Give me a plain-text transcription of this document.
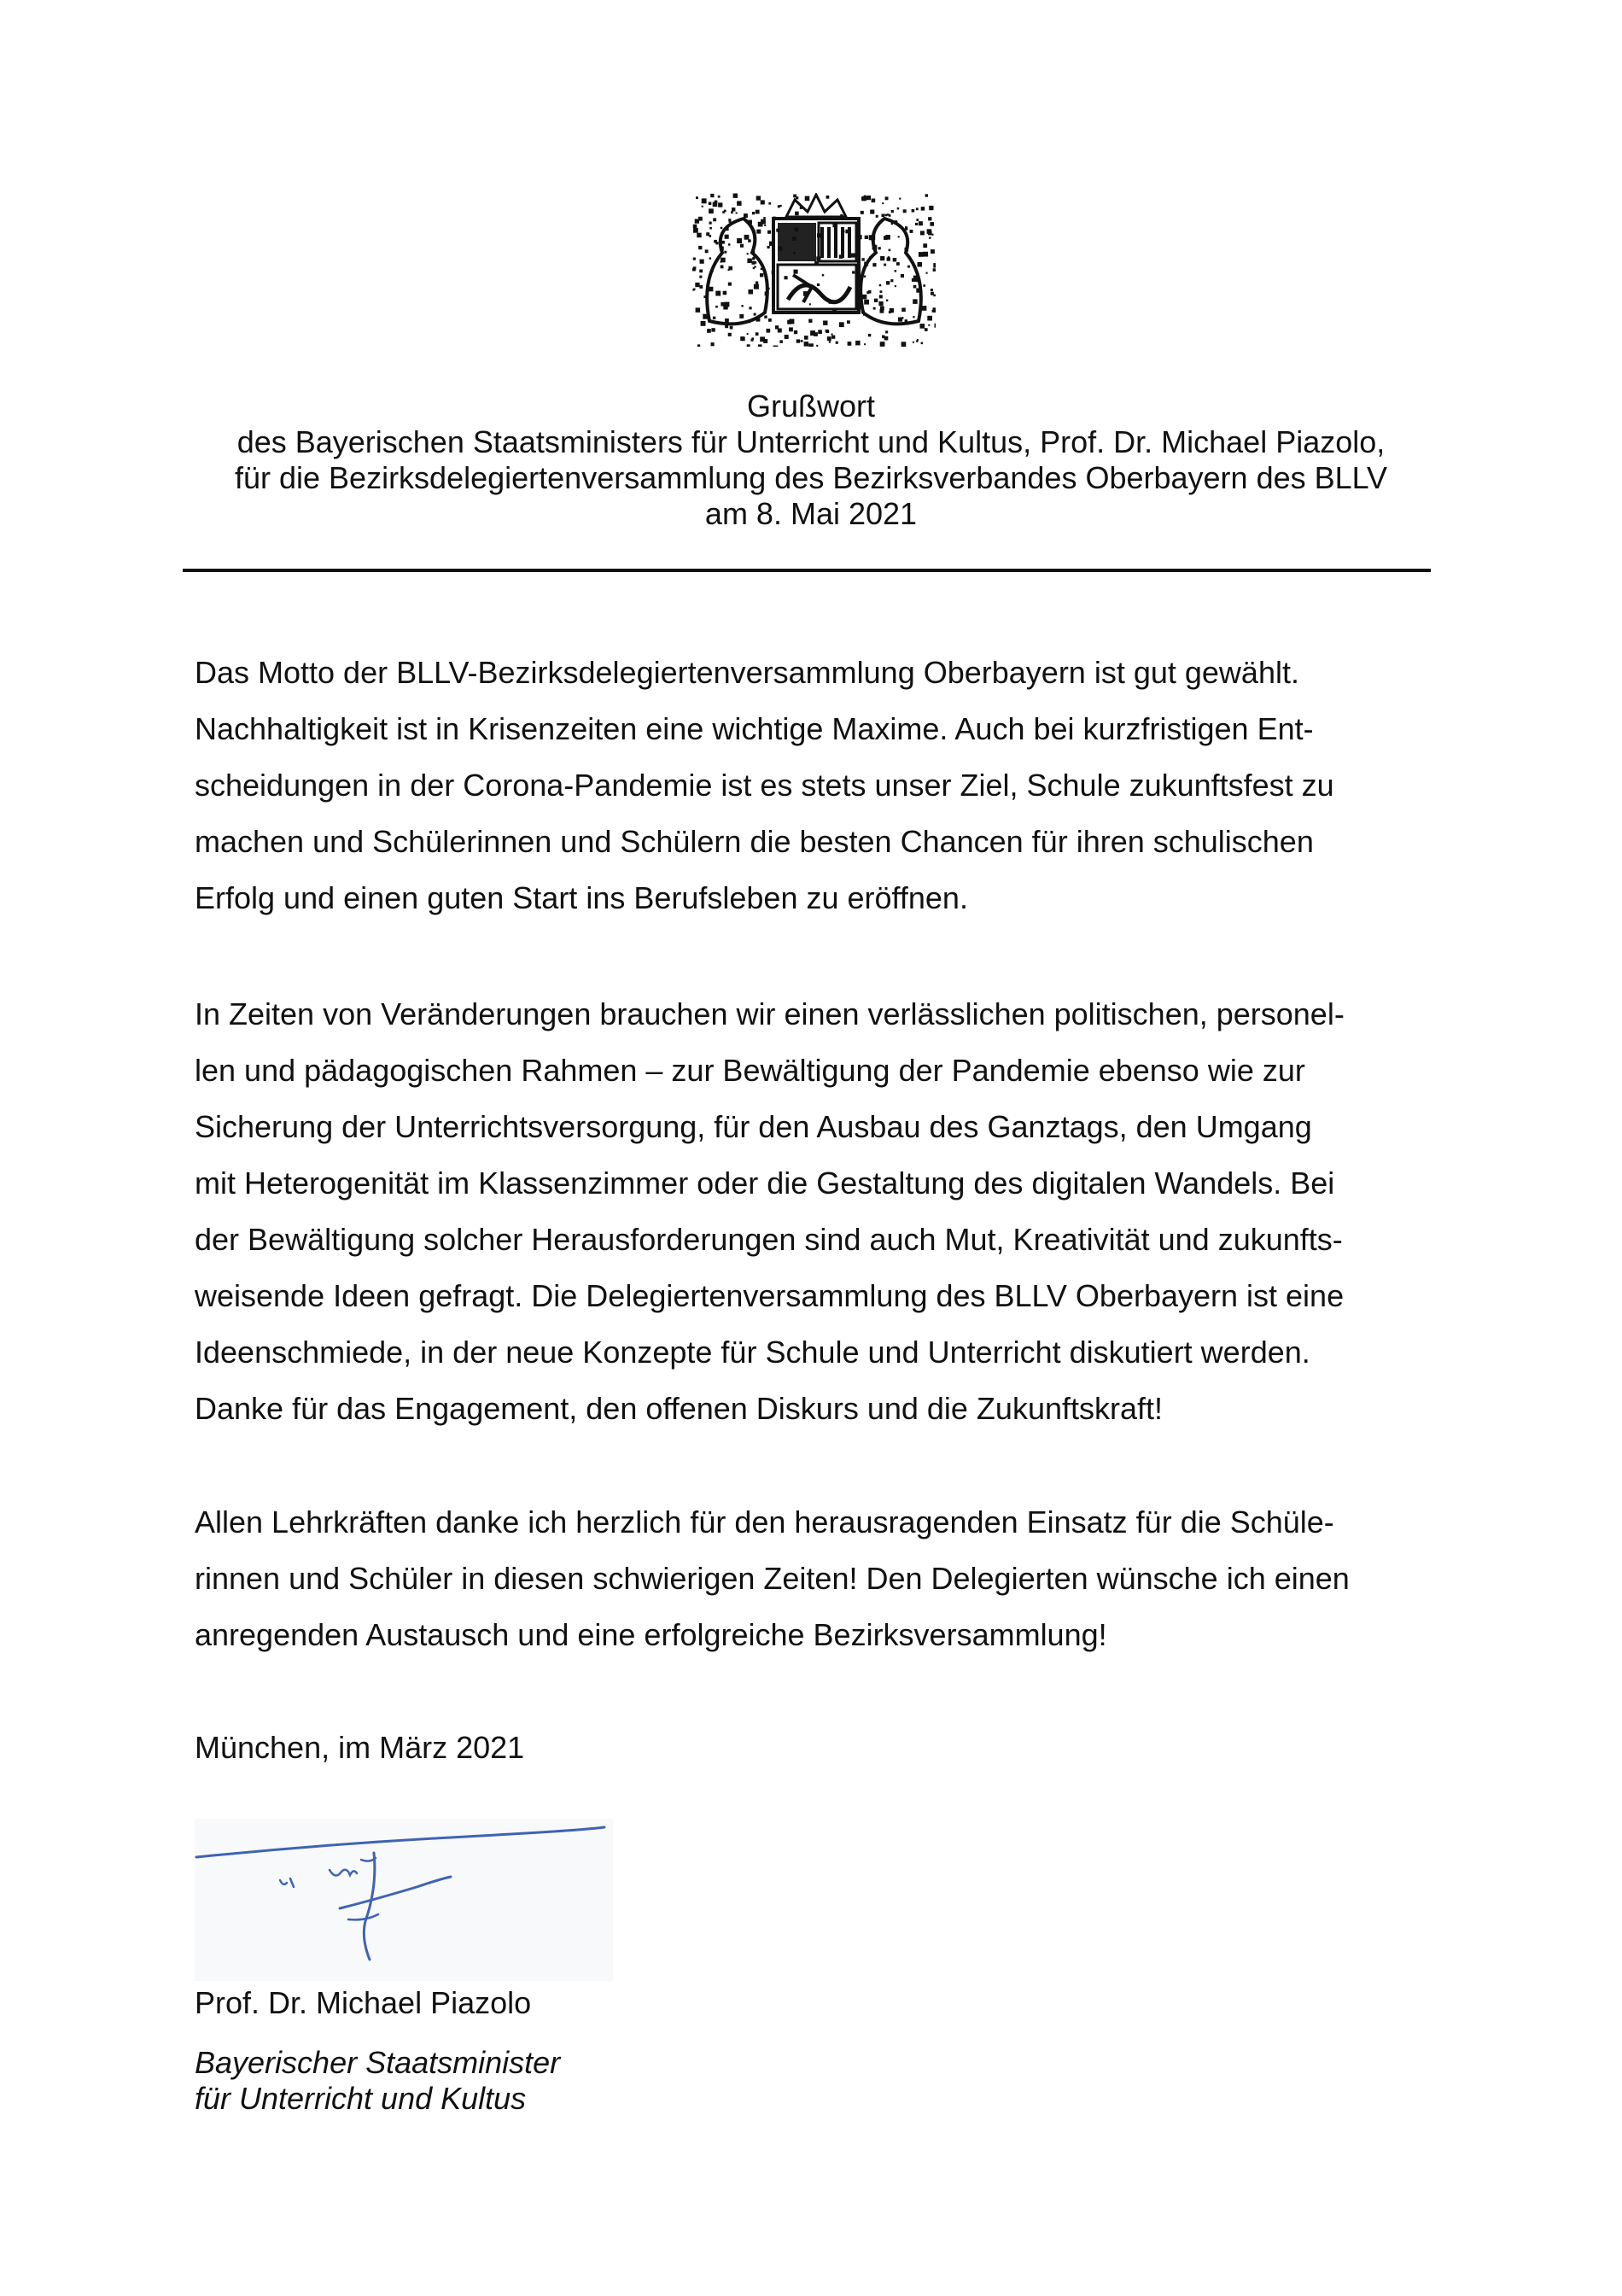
Grußwort
des Bayerischen Staatsministers für Unterricht und Kultus, Prof. Dr. Michael Piazolo,
für die Bezirksdelegiertenversammlung des Bezirksverbandes Oberbayern des BLLV
am 8. Mai 2021
Das Motto der BLLV-Bezirksdelegiertenversammlung Oberbayern ist gut gewählt.
Nachhaltigkeit ist in Krisenzeiten eine wichtige Maxime. Auch bei kurzfristigen Ent-
scheidungen in der Corona-Pandemie ist es stets unser Ziel, Schule zukunftsfest zu
machen und Schülerinnen und Schülern die besten Chancen für ihren schulischen
Erfolg und einen guten Start ins Berufsleben zu eröffnen.
In Zeiten von Veränderungen brauchen wir einen verlässlichen politischen, personel-
len und pädagogischen Rahmen – zur Bewältigung der Pandemie ebenso wie zur
Sicherung der Unterrichtsversorgung, für den Ausbau des Ganztags, den Umgang
mit Heterogenität im Klassenzimmer oder die Gestaltung des digitalen Wandels. Bei
der Bewältigung solcher Herausforderungen sind auch Mut, Kreativität und zukunfts-
weisende Ideen gefragt. Die Delegiertenversammlung des BLLV Oberbayern ist eine
Ideenschmiede, in der neue Konzepte für Schule und Unterricht diskutiert werden.
Danke für das Engagement, den offenen Diskurs und die Zukunftskraft!
Allen Lehrkräften danke ich herzlich für den herausragenden Einsatz für die Schüle-
rinnen und Schüler in diesen schwierigen Zeiten! Den Delegierten wünsche ich einen
anregenden Austausch und eine erfolgreiche Bezirksversammlung!
München, im März 2021
Prof. Dr. Michael Piazolo
Bayerischer Staatsminister
für Unterricht und Kultus
